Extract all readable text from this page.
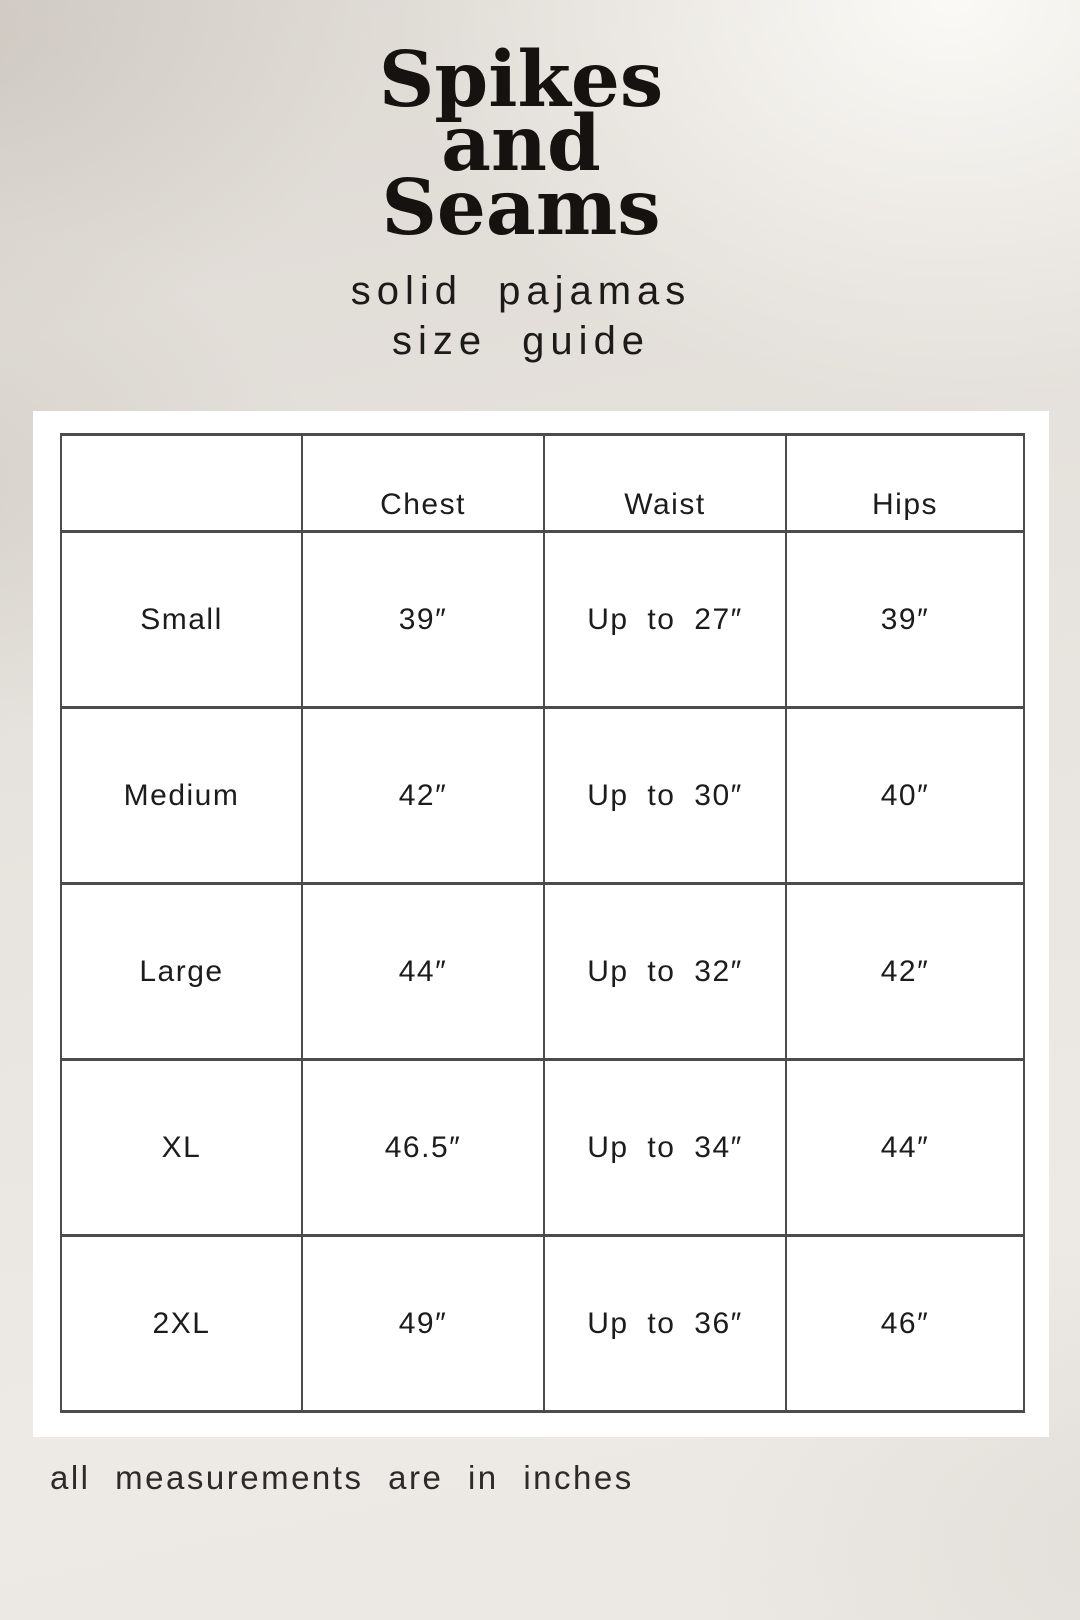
Spikes
and
Seams
solid pajamas
size guide
	Chest	Waist	Hips
Small	39″	Up to 27″	39″
Medium	42″	Up to 30″	40″
Large	44″	Up to 32″	42″
XL	46.5″	Up to 34″	44″
2XL	49″	Up to 36″	46″
all measurements are in inches
